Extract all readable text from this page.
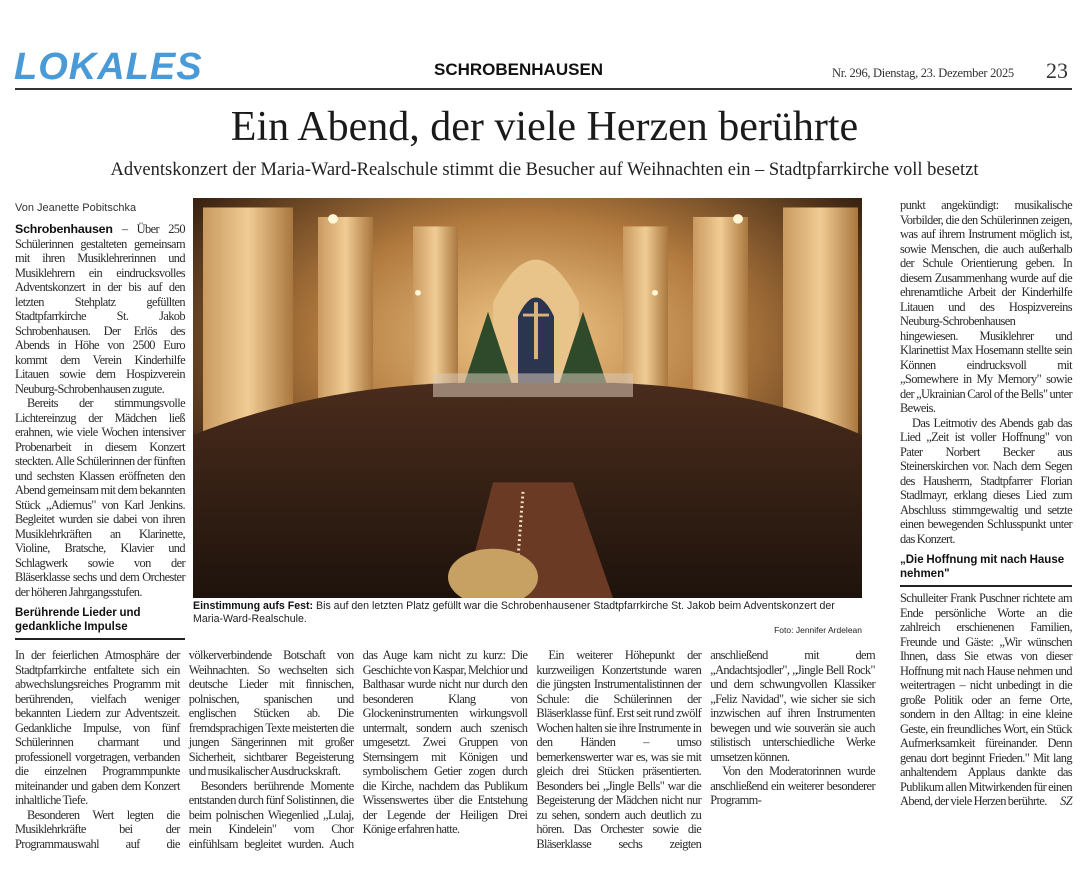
LOKALES	SCHROBENHAUSEN	Nr. 296, Dienstag, 23. Dezember 2025 23
Ein Abend, der viele Herzen berührte
Adventskonzert der Maria-Ward-Realschule stimmt die Besucher auf Weihnachten ein – Stadtpfarrkirche voll besetzt
Von Jeanette Pobitschka

Schrobenhausen – Über 250 Schülerinnen gestalteten gemeinsam mit ihren Musiklehrerinnen und Musiklehrern ein eindrucksvolles Adventskonzert in der bis auf den letzten Stehplatz gefüllten Stadtpfarrkirche St. Jakob Schrobenhausen. Der Erlös des Abends in Höhe von 2500 Euro kommt dem Verein Kinderhilfe Litauen sowie dem Hospizverein Neuburg-Schrobenhausen zugute.

Bereits der stimmungsvolle Lichtereinzug der Mädchen ließ erahnen, wie viele Wochen intensiver Probenarbeit in diesem Konzert steckten. Alle Schülerinnen der fünften und sechsten Klassen eröffneten den Abend gemeinsam mit dem bekannten Stück „Adiemus" von Karl Jenkins. Begleitet wurden sie dabei von ihren Musiklehrkräften an Klarinette, Violine, Bratsche, Klavier und Schlagwerk sowie von der Bläserklasse sechs und dem Orchester der höheren Jahrgangsstufen.

Berührende Lieder und gedankliche Impulse
Einstimmung aufs Fest: Bis auf den letzten Platz gefüllt war die Schrobenhausener Stadtpfarrkirche St. Jakob beim Adventskonzert der Maria-Ward-Realschule.
Foto: Jennifer Ardelean

In der feierlichen Atmosphäre der Stadtpfarrkirche entfaltete sich ein abwechslungsreiches Programm mit berührenden, vielfach weniger bekannten Liedern zur Adventszeit. Gedankliche Impulse, von fünf Schülerinnen charmant und professionell vorgetragen, verbanden die einzelnen Programmpunkte miteinander und gaben dem Konzert inhaltliche Tiefe.

Besonderen Wert legten die Musiklehrkräfte bei der Programmauswahl auf die völkerverbindende Botschaft von Weihnachten. So wechselten sich deutsche Lieder mit finnischen, polnischen, spanischen und englischen Stücken ab. Die fremdsprachigen Texte meisterten die jungen Sängerinnen mit großer Sicherheit, sichtbarer Begeisterung und musikalischer Ausdruckskraft.

Besonders berührende Momente entstanden durch fünf Solistinnen, die beim polnischen Wiegenlied „Lulaj, mein Kindelein" vom Chor einfühlsam begleitet wurden. Auch das Auge kam nicht zu kurz: Die Geschichte von Kaspar, Melchior und Balthasar wurde nicht nur durch den besonderen Klang von Glockeninstrumenten wirkungsvoll untermalt, sondern auch szenisch umgesetzt. Zwei Gruppen von Sternsingern mit Königen und symbolischem Getier zogen durch die Kirche, nachdem das Publikum Wissenswertes über die Entstehung der Legende der Heiligen Drei Könige erfahren hatte.

Ein weiterer Höhepunkt der kurzweiligen Konzertstunde waren die jüngsten Instrumentalistinnen der Schule: die Schülerinnen der Bläserklasse fünf. Erst seit rund zwölf Wochen halten sie ihre Instrumente in den Händen – umso bemerkenswerter war es, was sie mit gleich drei Stücken präsentierten. Besonders bei „Jingle Bells" war die Begeisterung der Mädchen nicht nur zu sehen, sondern auch deutlich zu hören. Das Orchester sowie die Bläserklasse sechs zeigten anschließend mit dem „Andachtsjodler", „Jingle Bell Rock" und dem schwungvollen Klassiker „Feliz Navidad", wie sicher sie sich inzwischen auf ihren Instrumenten bewegen und wie souverän sie auch stilistisch unterschiedliche Werke umsetzen können.

Von den Moderatorinnen wurde anschließend ein weiterer besonderer Programm-

punkt angekündigt: musikalische Vorbilder, die den Schülerinnen zeigen, was auf ihrem Instrument möglich ist, sowie Menschen, die auch außerhalb der Schule Orientierung geben. In diesem Zusammenhang wurde auf die ehrenamtliche Arbeit der Kinderhilfe Litauen und des Hospizvereins Neuburg-Schrobenhausen hingewiesen. Musiklehrer und Klarinettist Max Hosemann stellte sein Können eindrucksvoll mit „Somewhere in My Memory" sowie der „Ukrainian Carol of the Bells" unter Beweis.

Das Leitmotiv des Abends gab das Lied „Zeit ist voller Hoffnung" von Pater Norbert Becker aus Steinerskirchen vor. Nach dem Segen des Hausherrn, Stadtpfarrer Florian Stadlmayr, erklang dieses Lied zum Abschluss stimmgewaltig und setzte einen bewegenden Schlusspunkt unter das Konzert.

„Die Hoffnung mit nach Hause nehmen"

Schulleiter Frank Puschner richtete am Ende persönliche Worte an die zahlreich erschienenen Familien, Freunde und Gäste: „Wir wünschen Ihnen, dass Sie etwas von dieser Hoffnung mit nach Hause nehmen und weitertragen – nicht unbedingt in die große Politik oder an ferne Orte, sondern in den Alltag: in eine kleine Geste, ein freundliches Wort, ein Stück Aufmerksamkeit füreinander. Denn genau dort beginnt Frieden." Mit lang anhaltendem Applaus dankte das Publikum allen Mitwirkenden für einen Abend, der viele Herzen berührte. SZ
